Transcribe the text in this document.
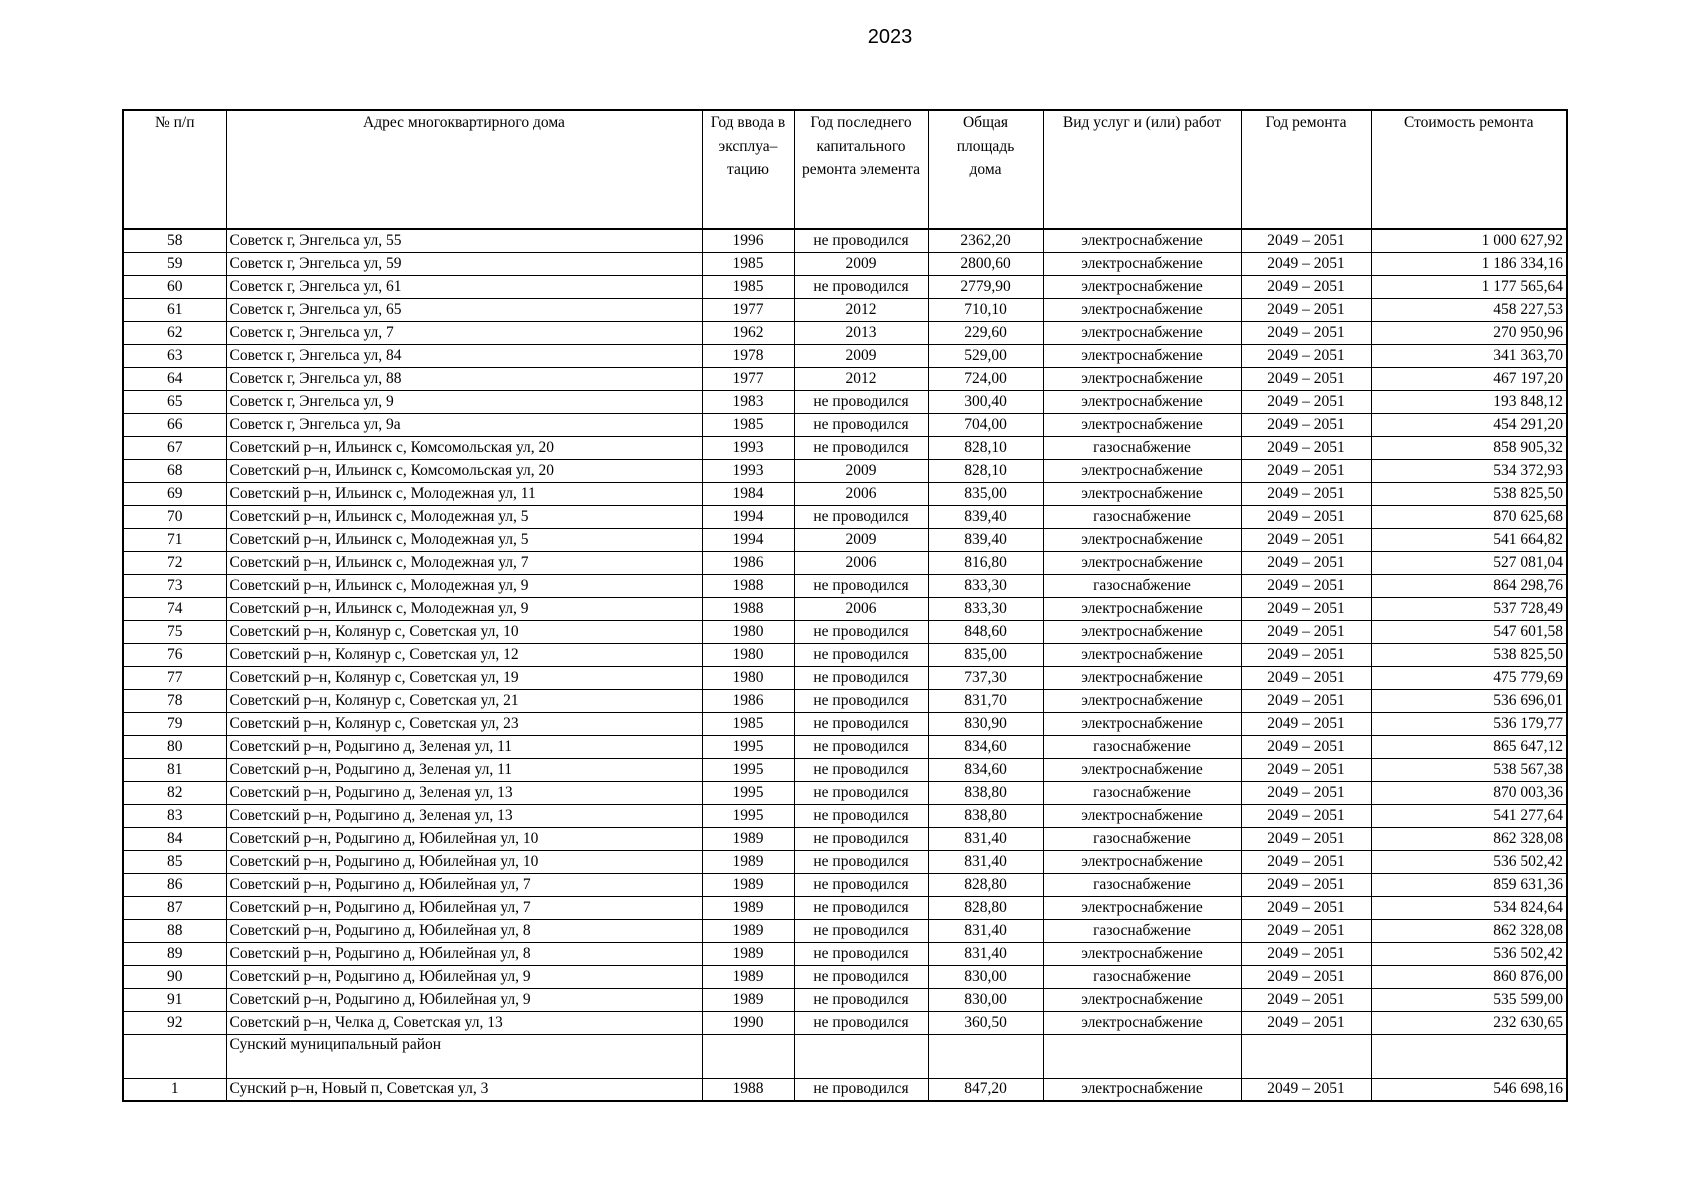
2023
№ п/п	Адрес многоквартирного дома	Год ввода в эксплуа–тацию	Год последнего капитального ремонта элемента	Общая площадь дома	Вид услуг и (или) работ	Год ремонта	Стоимость ремонта
58	Советск г, Энгельса ул, 55	1996	не проводился	2362,20	электроснабжение	2049 – 2051	1 000 627,92
59	Советск г, Энгельса ул, 59	1985	2009	2800,60	электроснабжение	2049 – 2051	1 186 334,16
60	Советск г, Энгельса ул, 61	1985	не проводился	2779,90	электроснабжение	2049 – 2051	1 177 565,64
61	Советск г, Энгельса ул, 65	1977	2012	710,10	электроснабжение	2049 – 2051	458 227,53
62	Советск г, Энгельса ул, 7	1962	2013	229,60	электроснабжение	2049 – 2051	270 950,96
63	Советск г, Энгельса ул, 84	1978	2009	529,00	электроснабжение	2049 – 2051	341 363,70
64	Советск г, Энгельса ул, 88	1977	2012	724,00	электроснабжение	2049 – 2051	467 197,20
65	Советск г, Энгельса ул, 9	1983	не проводился	300,40	электроснабжение	2049 – 2051	193 848,12
66	Советск г, Энгельса ул, 9а	1985	не проводился	704,00	электроснабжение	2049 – 2051	454 291,20
67	Советский р–н, Ильинск с, Комсомольская ул, 20	1993	не проводился	828,10	газоснабжение	2049 – 2051	858 905,32
68	Советский р–н, Ильинск с, Комсомольская ул, 20	1993	2009	828,10	электроснабжение	2049 – 2051	534 372,93
69	Советский р–н, Ильинск с, Молодежная ул, 11	1984	2006	835,00	электроснабжение	2049 – 2051	538 825,50
70	Советский р–н, Ильинск с, Молодежная ул, 5	1994	не проводился	839,40	газоснабжение	2049 – 2051	870 625,68
71	Советский р–н, Ильинск с, Молодежная ул, 5	1994	2009	839,40	электроснабжение	2049 – 2051	541 664,82
72	Советский р–н, Ильинск с, Молодежная ул, 7	1986	2006	816,80	электроснабжение	2049 – 2051	527 081,04
73	Советский р–н, Ильинск с, Молодежная ул, 9	1988	не проводился	833,30	газоснабжение	2049 – 2051	864 298,76
74	Советский р–н, Ильинск с, Молодежная ул, 9	1988	2006	833,30	электроснабжение	2049 – 2051	537 728,49
75	Советский р–н, Колянур с, Советская ул, 10	1980	не проводился	848,60	электроснабжение	2049 – 2051	547 601,58
76	Советский р–н, Колянур с, Советская ул, 12	1980	не проводился	835,00	электроснабжение	2049 – 2051	538 825,50
77	Советский р–н, Колянур с, Советская ул, 19	1980	не проводился	737,30	электроснабжение	2049 – 2051	475 779,69
78	Советский р–н, Колянур с, Советская ул, 21	1986	не проводился	831,70	электроснабжение	2049 – 2051	536 696,01
79	Советский р–н, Колянур с, Советская ул, 23	1985	не проводился	830,90	электроснабжение	2049 – 2051	536 179,77
80	Советский р–н, Родыгино д, Зеленая ул, 11	1995	не проводился	834,60	газоснабжение	2049 – 2051	865 647,12
81	Советский р–н, Родыгино д, Зеленая ул, 11	1995	не проводился	834,60	электроснабжение	2049 – 2051	538 567,38
82	Советский р–н, Родыгино д, Зеленая ул, 13	1995	не проводился	838,80	газоснабжение	2049 – 2051	870 003,36
83	Советский р–н, Родыгино д, Зеленая ул, 13	1995	не проводился	838,80	электроснабжение	2049 – 2051	541 277,64
84	Советский р–н, Родыгино д, Юбилейная ул, 10	1989	не проводился	831,40	газоснабжение	2049 – 2051	862 328,08
85	Советский р–н, Родыгино д, Юбилейная ул, 10	1989	не проводился	831,40	электроснабжение	2049 – 2051	536 502,42
86	Советский р–н, Родыгино д, Юбилейная ул, 7	1989	не проводился	828,80	газоснабжение	2049 – 2051	859 631,36
87	Советский р–н, Родыгино д, Юбилейная ул, 7	1989	не проводился	828,80	электроснабжение	2049 – 2051	534 824,64
88	Советский р–н, Родыгино д, Юбилейная ул, 8	1989	не проводился	831,40	газоснабжение	2049 – 2051	862 328,08
89	Советский р–н, Родыгино д, Юбилейная ул, 8	1989	не проводился	831,40	электроснабжение	2049 – 2051	536 502,42
90	Советский р–н, Родыгино д, Юбилейная ул, 9	1989	не проводился	830,00	газоснабжение	2049 – 2051	860 876,00
91	Советский р–н, Родыгино д, Юбилейная ул, 9	1989	не проводился	830,00	электроснабжение	2049 – 2051	535 599,00
92	Советский р–н, Челка д, Советская ул, 13	1990	не проводился	360,50	электроснабжение	2049 – 2051	232 630,65
	Сунский муниципальный район						
1	Сунский р–н, Новый п, Советская ул, 3	1988	не проводился	847,20	электроснабжение	2049 – 2051	546 698,16
